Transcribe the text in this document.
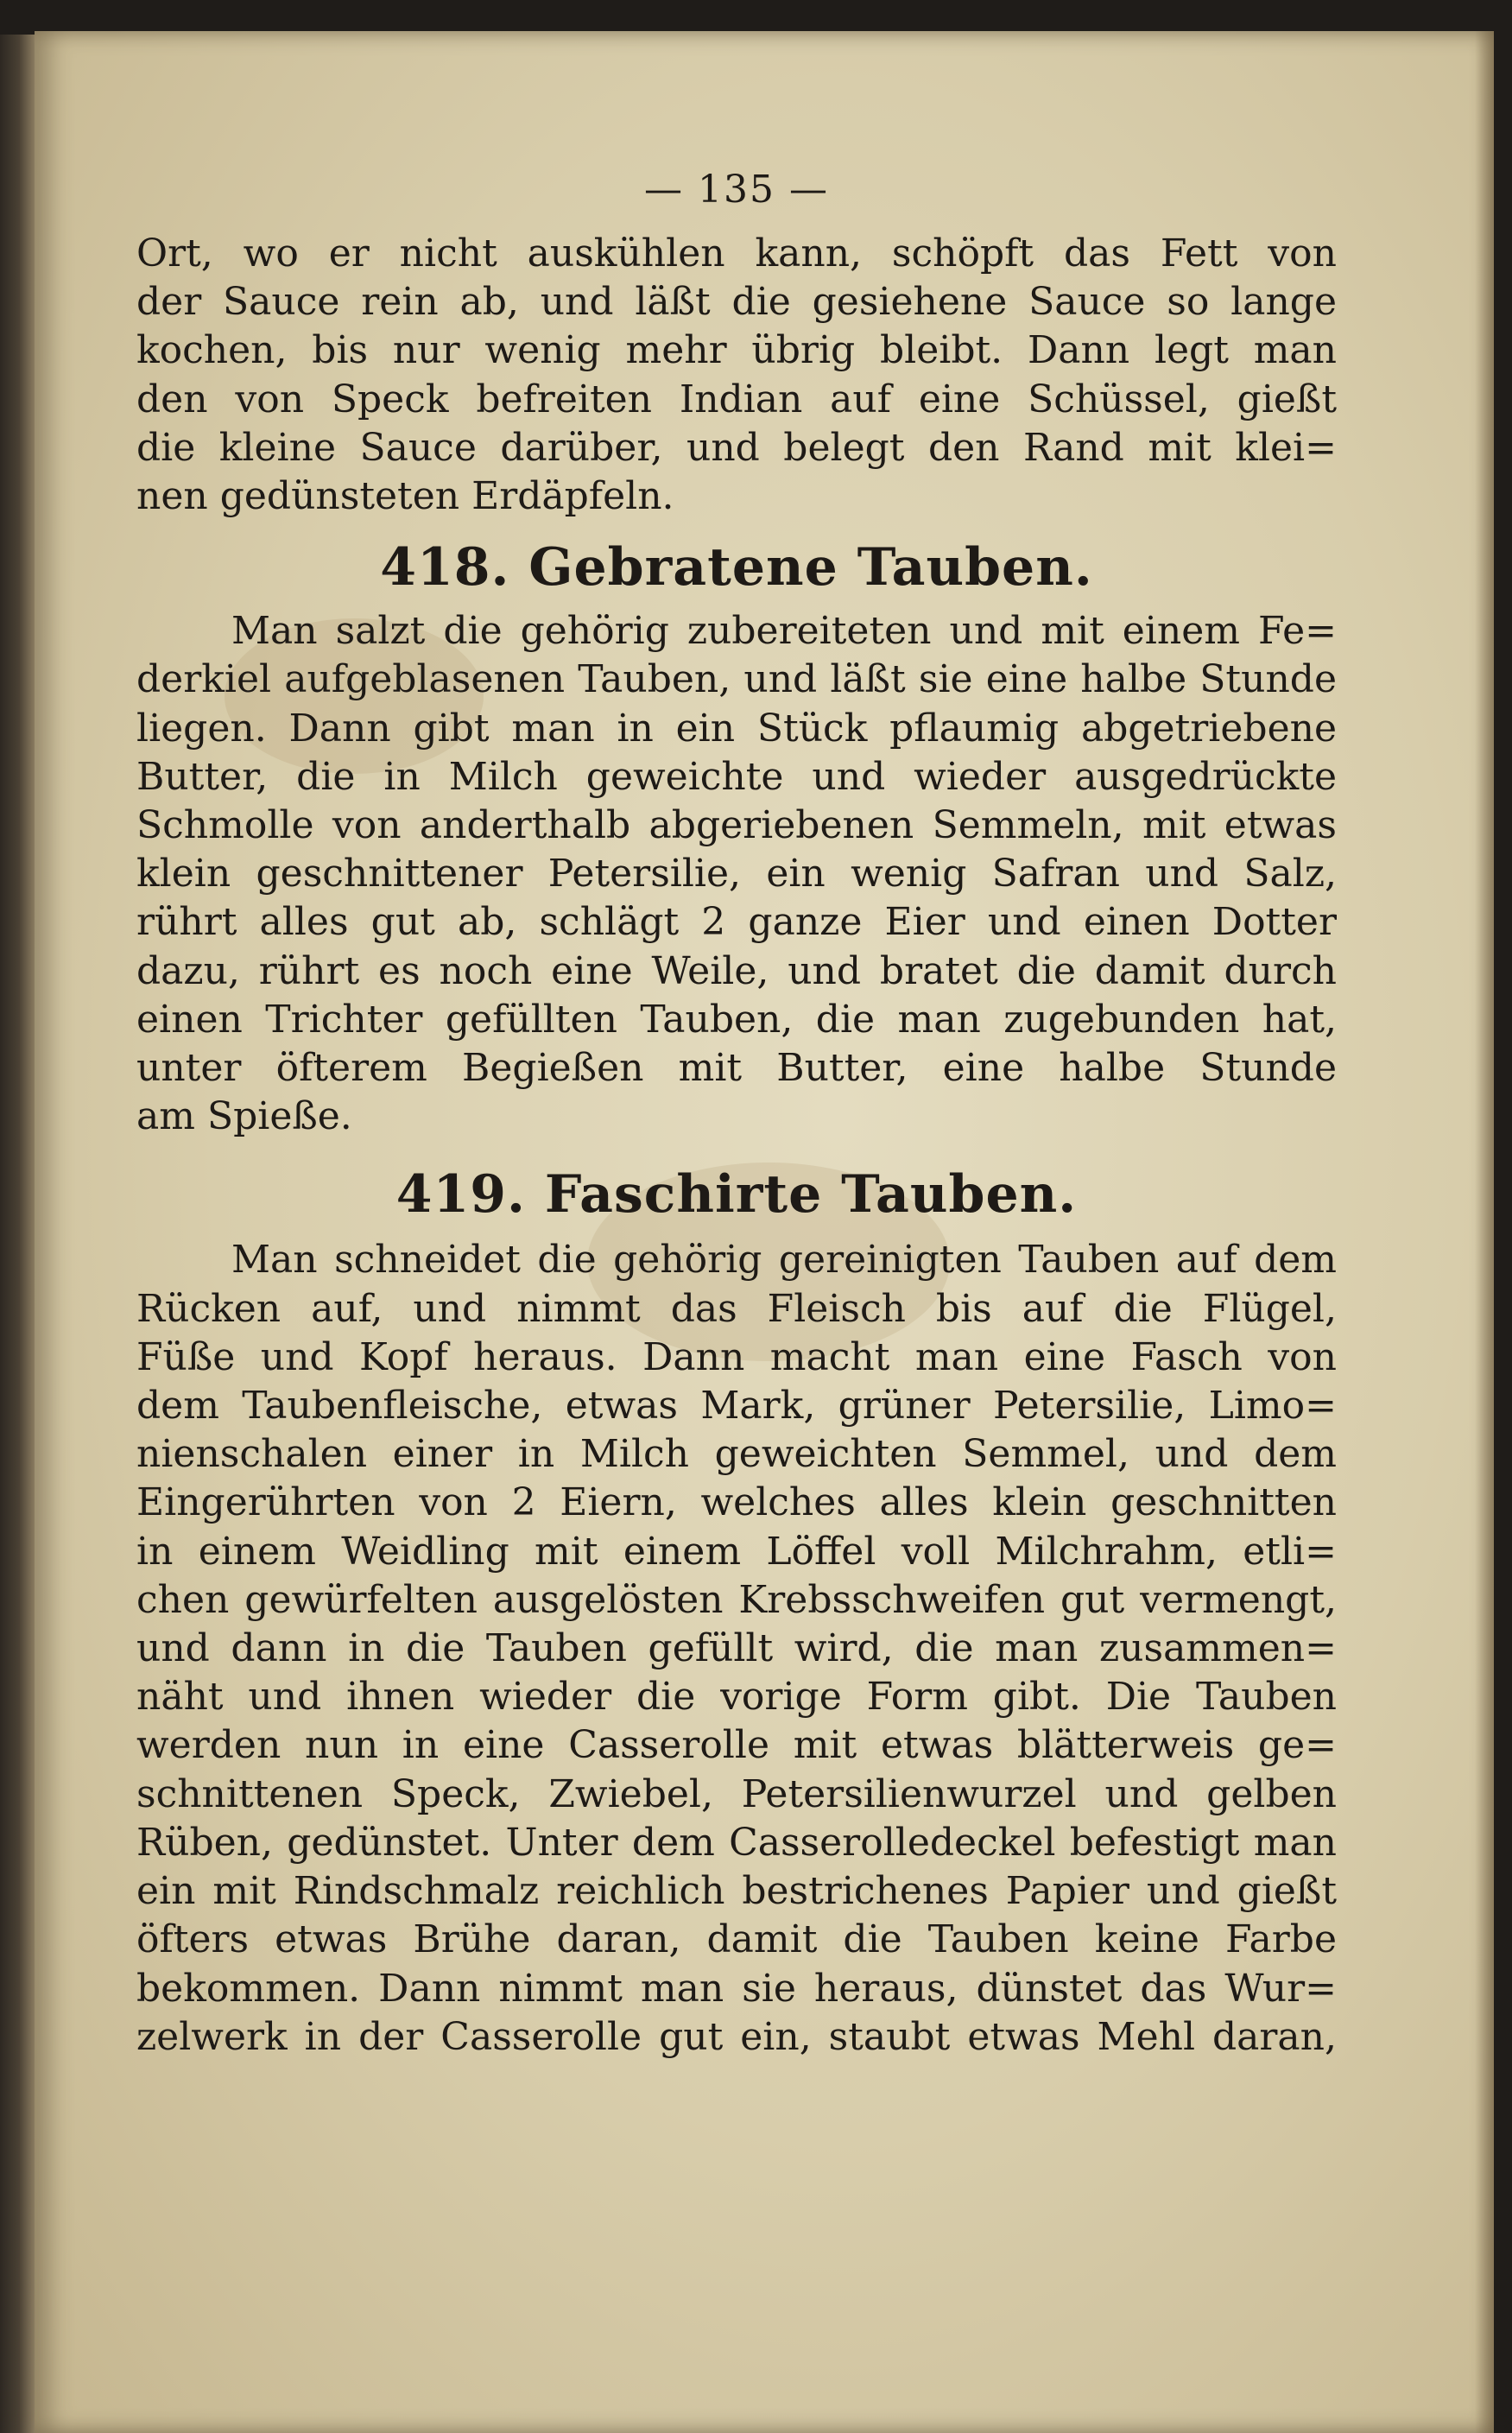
— 135 —
Ort, wo er nicht auskühlen kann, schöpft das Fett von
der Sauce rein ab, und läßt die gesiehene Sauce so lange
kochen, bis nur wenig mehr übrig bleibt. Dann legt man
den von Speck befreiten Indian auf eine Schüssel, gießt
die kleine Sauce darüber, und belegt den Rand mit klei=
nen gedünsteten Erdäpfeln.
418. Gebratene Tauben.
Man salzt die gehörig zubereiteten und mit einem Fe=
derkiel aufgeblasenen Tauben, und läßt sie eine halbe Stunde
liegen. Dann gibt man in ein Stück pflaumig abgetriebene
Butter, die in Milch geweichte und wieder ausgedrückte
Schmolle von anderthalb abgeriebenen Semmeln, mit etwas
klein geschnittener Petersilie, ein wenig Safran und Salz,
rührt alles gut ab, schlägt 2 ganze Eier und einen Dotter
dazu, rührt es noch eine Weile, und bratet die damit durch
einen Trichter gefüllten Tauben, die man zugebunden hat,
unter öfterem Begießen mit Butter, eine halbe Stunde
am Spieße.
419. Faschirte Tauben.
Man schneidet die gehörig gereinigten Tauben auf dem
Rücken auf, und nimmt das Fleisch bis auf die Flügel,
Füße und Kopf heraus. Dann macht man eine Fasch von
dem Taubenfleische, etwas Mark, grüner Petersilie, Limo=
nienschalen einer in Milch geweichten Semmel, und dem
Eingerührten von 2 Eiern, welches alles klein geschnitten
in einem Weidling mit einem Löffel voll Milchrahm, etli=
chen gewürfelten ausgelösten Krebsschweifen gut vermengt,
und dann in die Tauben gefüllt wird, die man zusammen=
näht und ihnen wieder die vorige Form gibt. Die Tauben
werden nun in eine Casserolle mit etwas blätterweis ge=
schnittenen Speck, Zwiebel, Petersilienwurzel und gelben
Rüben, gedünstet. Unter dem Casserolledeckel befestigt man
ein mit Rindschmalz reichlich bestrichenes Papier und gießt
öfters etwas Brühe daran, damit die Tauben keine Farbe
bekommen. Dann nimmt man sie heraus, dünstet das Wur=
zelwerk in der Casserolle gut ein, staubt etwas Mehl daran,
